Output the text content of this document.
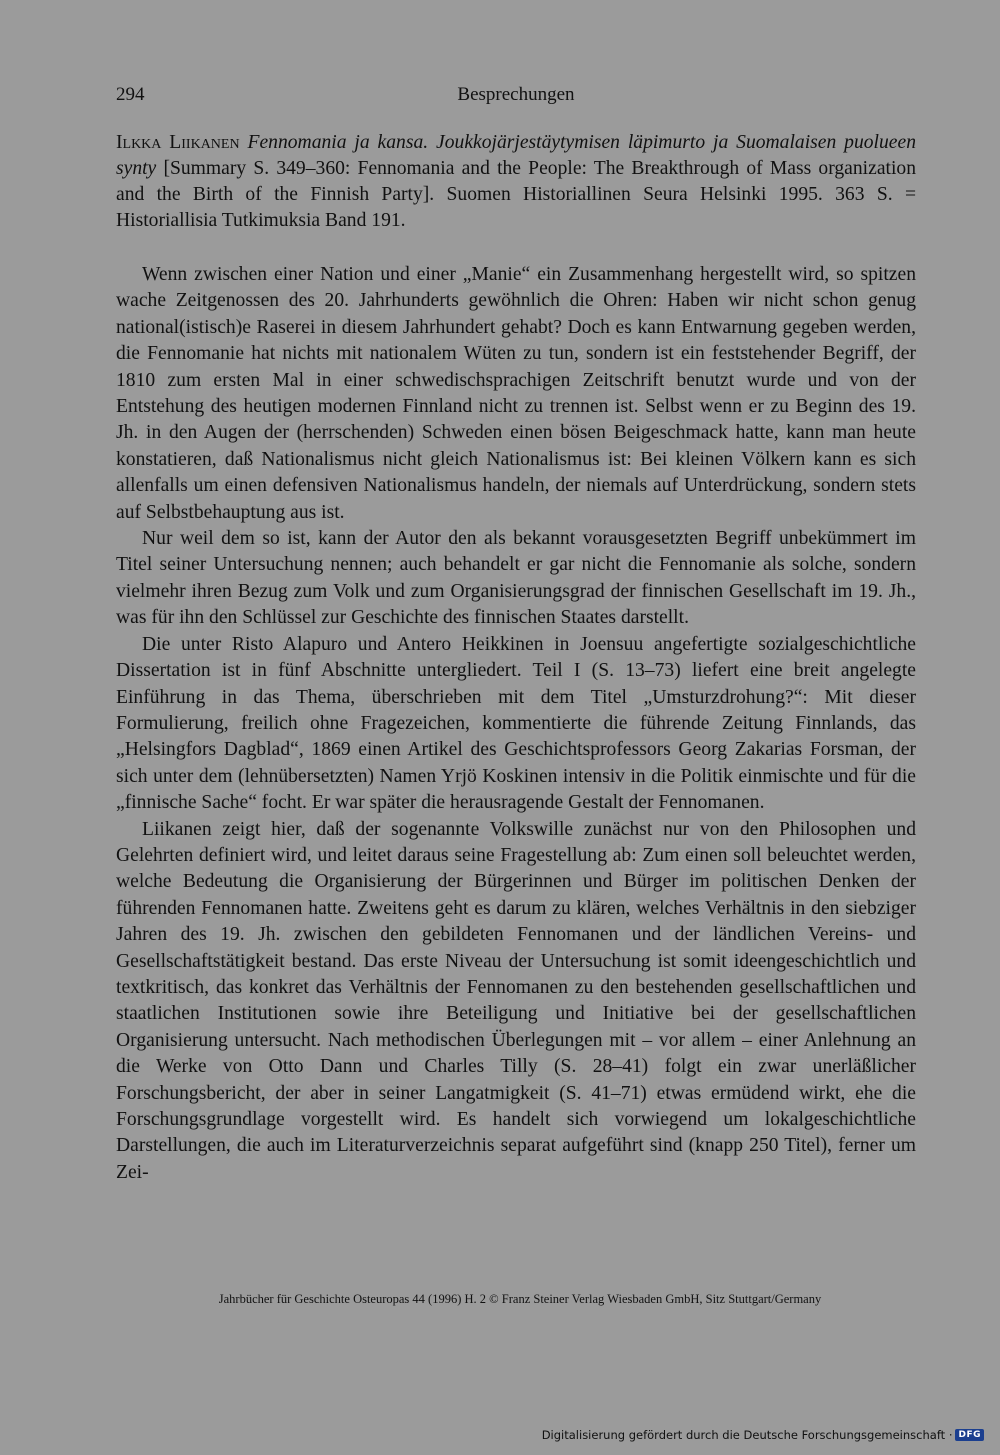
294	Besprechungen

Ilkka Liikanen Fennomania ja kansa. Joukkojärjestäytymisen läpimurto ja Suomalaisen puolueen synty [Summary S. 349–360: Fennomania and the People: The Breakthrough of Mass organization and the Birth of the Finnish Party]. Suomen Historiallinen Seura Helsinki 1995. 363 S. = Historiallisia Tutkimuksia Band 191.

Wenn zwischen einer Nation und einer „Manie“ ein Zusammenhang hergestellt wird, so spitzen wache Zeitgenossen des 20. Jahrhunderts gewöhnlich die Ohren: Haben wir nicht schon genug national(istisch)e Raserei in diesem Jahrhundert gehabt? Doch es kann Entwarnung gegeben werden, die Fennomanie hat nichts mit nationalem Wüten zu tun, sondern ist ein feststehender Begriff, der 1810 zum ersten Mal in einer schwedischsprachigen Zeitschrift benutzt wurde und von der Entstehung des heutigen modernen Finnland nicht zu trennen ist. Selbst wenn er zu Beginn des 19. Jh. in den Augen der (herrschenden) Schweden einen bösen Beigeschmack hatte, kann man heute konstatieren, daß Nationalismus nicht gleich Nationalismus ist: Bei kleinen Völkern kann es sich allenfalls um einen defensiven Nationalismus handeln, der niemals auf Unterdrückung, sondern stets auf Selbstbehauptung aus ist.

Nur weil dem so ist, kann der Autor den als bekannt vorausgesetzten Begriff unbekümmert im Titel seiner Untersuchung nennen; auch behandelt er gar nicht die Fennomanie als solche, sondern vielmehr ihren Bezug zum Volk und zum Organisierungsgrad der finnischen Gesellschaft im 19. Jh., was für ihn den Schlüssel zur Geschichte des finnischen Staates darstellt.

Die unter Risto Alapuro und Antero Heikkinen in Joensuu angefertigte sozialgeschichtliche Dissertation ist in fünf Abschnitte untergliedert. Teil I (S. 13–73) liefert eine breit angelegte Einführung in das Thema, überschrieben mit dem Titel „Umsturzdrohung?“: Mit dieser Formulierung, freilich ohne Fragezeichen, kommentierte die führende Zeitung Finnlands, das „Helsingfors Dagblad“, 1869 einen Artikel des Geschichtsprofessors Georg Zakarias Forsman, der sich unter dem (lehnübersetzten) Namen Yrjö Koskinen intensiv in die Politik einmischte und für die „finnische Sache“ focht. Er war später die herausragende Gestalt der Fennomanen.

Liikanen zeigt hier, daß der sogenannte Volkswille zunächst nur von den Philosophen und Gelehrten definiert wird, und leitet daraus seine Fragestellung ab: Zum einen soll beleuchtet werden, welche Bedeutung die Organisierung der Bürgerinnen und Bürger im politischen Denken der führenden Fennomanen hatte. Zweitens geht es darum zu klären, welches Verhältnis in den siebziger Jahren des 19. Jh. zwischen den gebildeten Fennomanen und der ländlichen Vereins- und Gesellschaftstätigkeit bestand. Das erste Niveau der Untersuchung ist somit ideengeschichtlich und textkritisch, das konkret das Verhältnis der Fennomanen zu den bestehenden gesellschaftlichen und staatlichen Institutionen sowie ihre Beteiligung und Initiative bei der gesellschaftlichen Organisierung untersucht. Nach methodischen Überlegungen mit – vor allem – einer Anlehnung an die Werke von Otto Dann und Charles Tilly (S. 28–41) folgt ein zwar unerläßlicher Forschungsbericht, der aber in seiner Langatmigkeit (S. 41–71) etwas ermüdend wirkt, ehe die Forschungsgrundlage vorgestellt wird. Es handelt sich vorwiegend um lokalgeschichtliche Darstellungen, die auch im Literaturverzeichnis separat aufgeführt sind (knapp 250 Titel), ferner um Zei-

Jahrbücher für Geschichte Osteuropas 44 (1996) H. 2 © Franz Steiner Verlag Wiesbaden GmbH, Sitz Stuttgart/Germany
Digitalisierung gefördert durch die Deutsche Forschungsgemeinschaft · DFG
